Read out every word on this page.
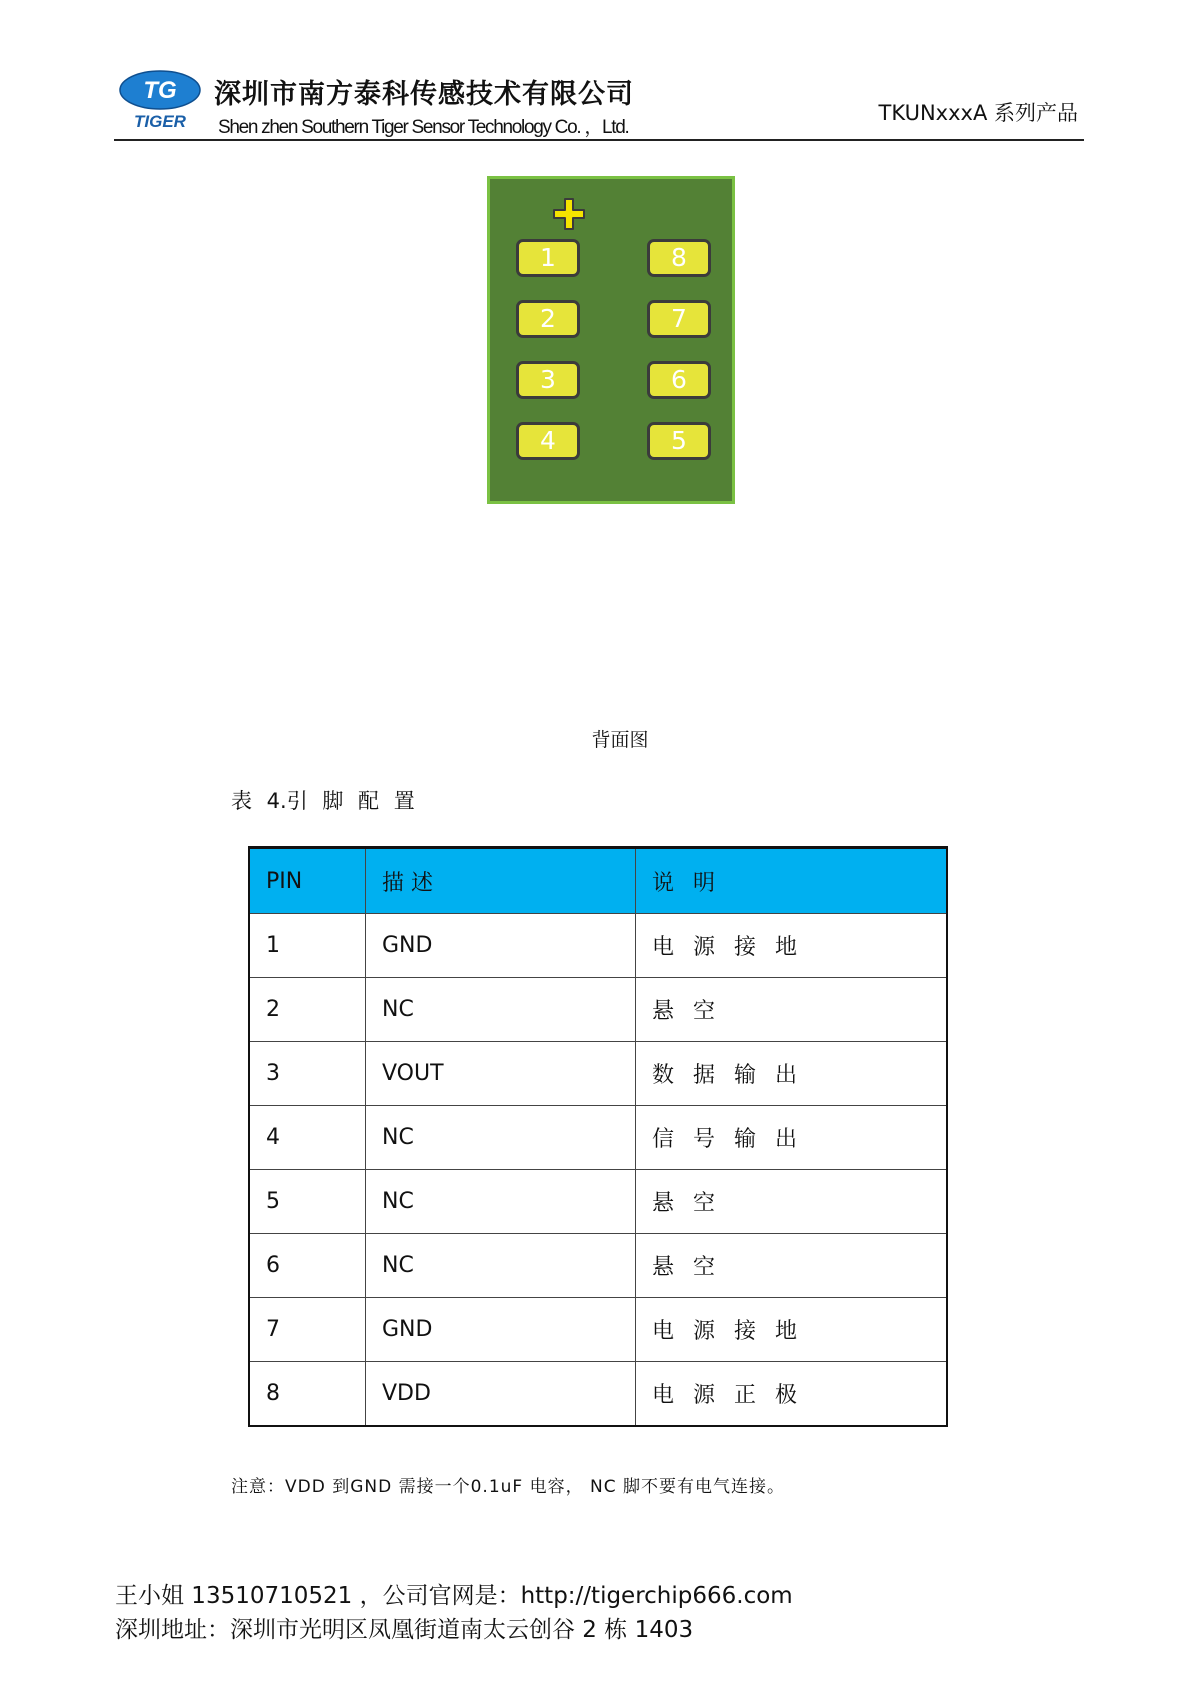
TG
TIGER
深圳市南方泰科传感技术有限公司
Shen zhen Southern Tiger Sensor Technology Co. ，Ltd.
TKUNxxxA 系列产品
1
2
3
4
8
7
6
5
背面图
表 4.引 脚 配 置
PIN	描 述	说 明
1	GND	电 源 接 地
2	NC	悬 空
3	VOUT	数 据 输 出
4	NC	信 号 输 出
5	NC	悬 空
6	NC	悬 空
7	GND	电 源 接 地
8	VDD	电 源 正 极
注意：VDD 到GND 需接一个0.1uF 电容， NC 脚不要有电气连接。
王小姐 13510710521 ，公司官网是：http://tigerchip666.com
深圳地址：深圳市光明区凤凰街道南太云创谷 2 栋 1403
